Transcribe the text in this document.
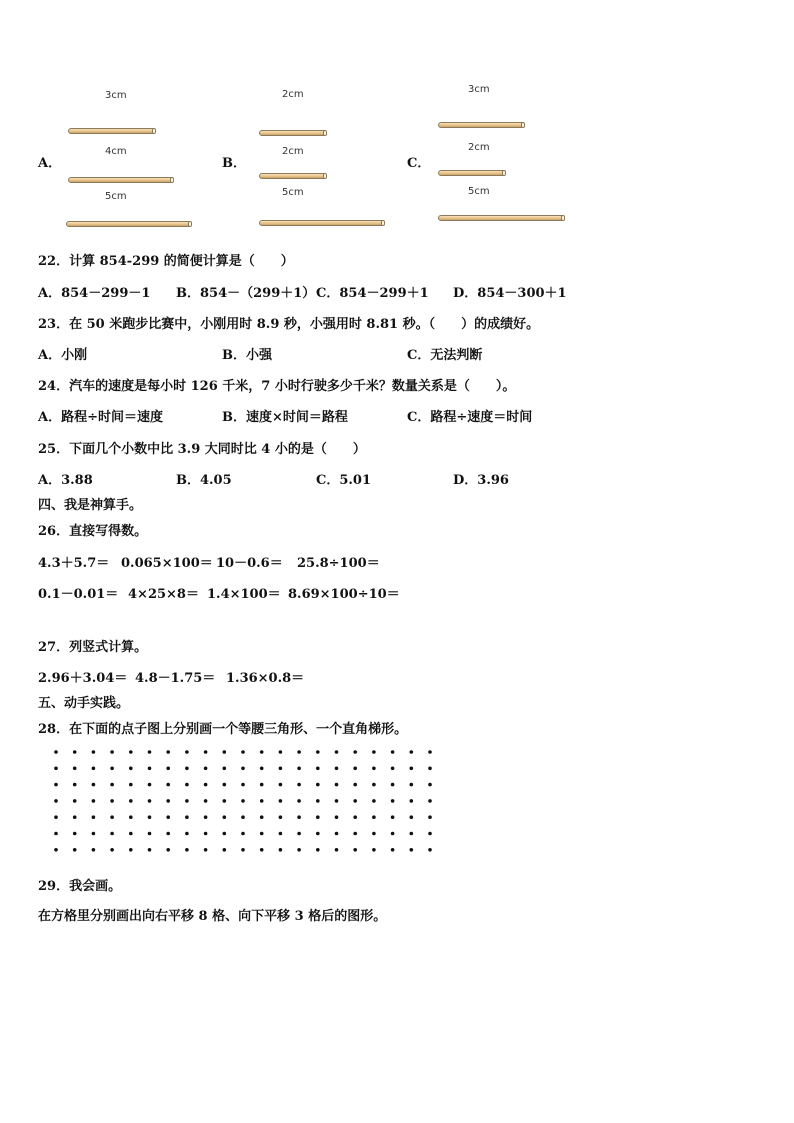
A．
3cm
4cm
5cm
B．
2cm
2cm
5cm
C．
3cm
2cm
5cm
22．计算 854-299 的简便计算是（　　）
A．854－299－1 B．854－（299＋1） C．854－299＋1 D．854－300＋1
23．在 50 米跑步比赛中，小刚用时 8.9 秒，小强用时 8.81 秒。（　　）的成绩好。
A．小刚	B．小强	C．无法判断
24．汽车的速度是每小时 126 千米，7 小时行驶多少千米？数量关系是（　　）。
A．路程÷时间＝速度	B．速度×时间＝路程	C．路程÷速度＝时间
25．下面几个小数中比 3.9 大同时比 4 小的是（　　）
A．3.88	B．4.05	C．5.01	D．3.96
四、我是神算手。
26．直接写得数。
4.3＋5.7＝ 0.065×100＝ 10－0.6＝ 25.8÷100＝
0.1－0.01＝ 4×25×8＝ 1.4×100＝ 8.69×100÷10＝
27．列竖式计算。
2.96＋3.04＝ 4.8－1.75＝ 1.36×0.8＝
五、动手实践。
28．在下面的点子图上分别画一个等腰三角形、一个直角梯形。
29．我会画。
在方格里分别画出向右平移 8 格、向下平移 3 格后的图形。
